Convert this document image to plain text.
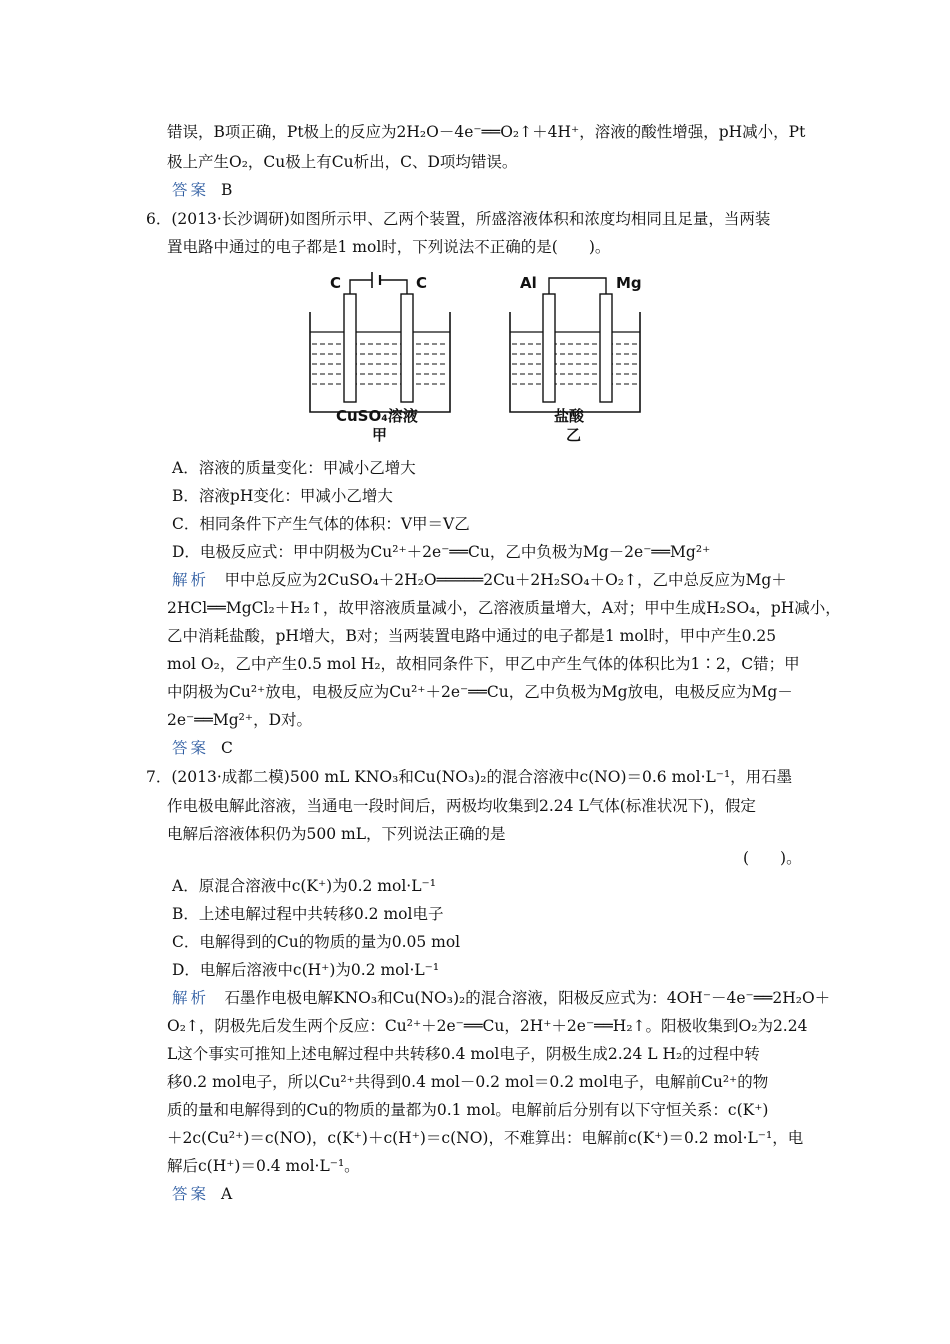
错误，B项正确，Pt极上的反应为2H₂O－4e⁻══O₂↑＋4H⁺，溶液的酸性增强，pH减小，Pt
极上产生O₂，Cu极上有Cu析出，C、D项均错误。
答案 B
6．(2013·长沙调研)如图所示甲、乙两个装置，所盛溶液体积和浓度均相同且足量，当两装
置电路中通过的电子都是1 mol时，下列说法不正确的是(　　)。
C	C	Al	Mg
CuSO₄溶液
甲
盐酸
乙
A．溶液的质量变化：甲减小乙增大
B．溶液pH变化：甲减小乙增大
C．相同条件下产生气体的体积：V甲＝V乙
D．电极反应式：甲中阴极为Cu²⁺＋2e⁻══Cu，乙中负极为Mg－2e⁻══Mg²⁺
解析　 甲中总反应为2CuSO₄＋2H₂O═════2Cu＋2H₂SO₄＋O₂↑，乙中总反应为Mg＋
2HCl══MgCl₂＋H₂↑，故甲溶液质量减小，乙溶液质量增大，A对；甲中生成H₂SO₄，pH减小，
乙中消耗盐酸，pH增大，B对；当两装置电路中通过的电子都是1 mol时，甲中产生0.25
mol O₂，乙中产生0.5 mol H₂，故相同条件下，甲乙中产生气体的体积比为1∶2，C错；甲
中阴极为Cu²⁺放电，电极反应为Cu²⁺＋2e⁻══Cu，乙中负极为Mg放电，电极反应为Mg－
2e⁻══Mg²⁺，D对。
答案 C
7．(2013·成都二模)500 mL KNO₃和Cu(NO₃)₂的混合溶液中c(NO)＝0.6 mol·L⁻¹，用石墨
作电极电解此溶液，当通电一段时间后，两极均收集到2.24 L气体(标准状况下)，假定
电解后溶液体积仍为500 mL，下列说法正确的是
(　　)。
A．原混合溶液中c(K⁺)为0.2 mol·L⁻¹
B．上述电解过程中共转移0.2 mol电子
C．电解得到的Cu的物质的量为0.05 mol
D．电解后溶液中c(H⁺)为0.2 mol·L⁻¹
解析　 石墨作电极电解KNO₃和Cu(NO₃)₂的混合溶液，阳极反应式为：4OH⁻－4e⁻══2H₂O＋
O₂↑，阴极先后发生两个反应：Cu²⁺＋2e⁻══Cu，2H⁺＋2e⁻══H₂↑。阳极收集到O₂为2.24
L这个事实可推知上述电解过程中共转移0.4 mol电子，阴极生成2.24 L H₂的过程中转
移0.2 mol电子，所以Cu²⁺共得到0.4 mol－0.2 mol＝0.2 mol电子，电解前Cu²⁺的物
质的量和电解得到的Cu的物质的量都为0.1 mol。电解前后分别有以下守恒关系：c(K⁺)
＋2c(Cu²⁺)＝c(NO)，c(K⁺)＋c(H⁺)＝c(NO)，不难算出：电解前c(K⁺)＝0.2 mol·L⁻¹，电
解后c(H⁺)＝0.4 mol·L⁻¹。
答案 A
